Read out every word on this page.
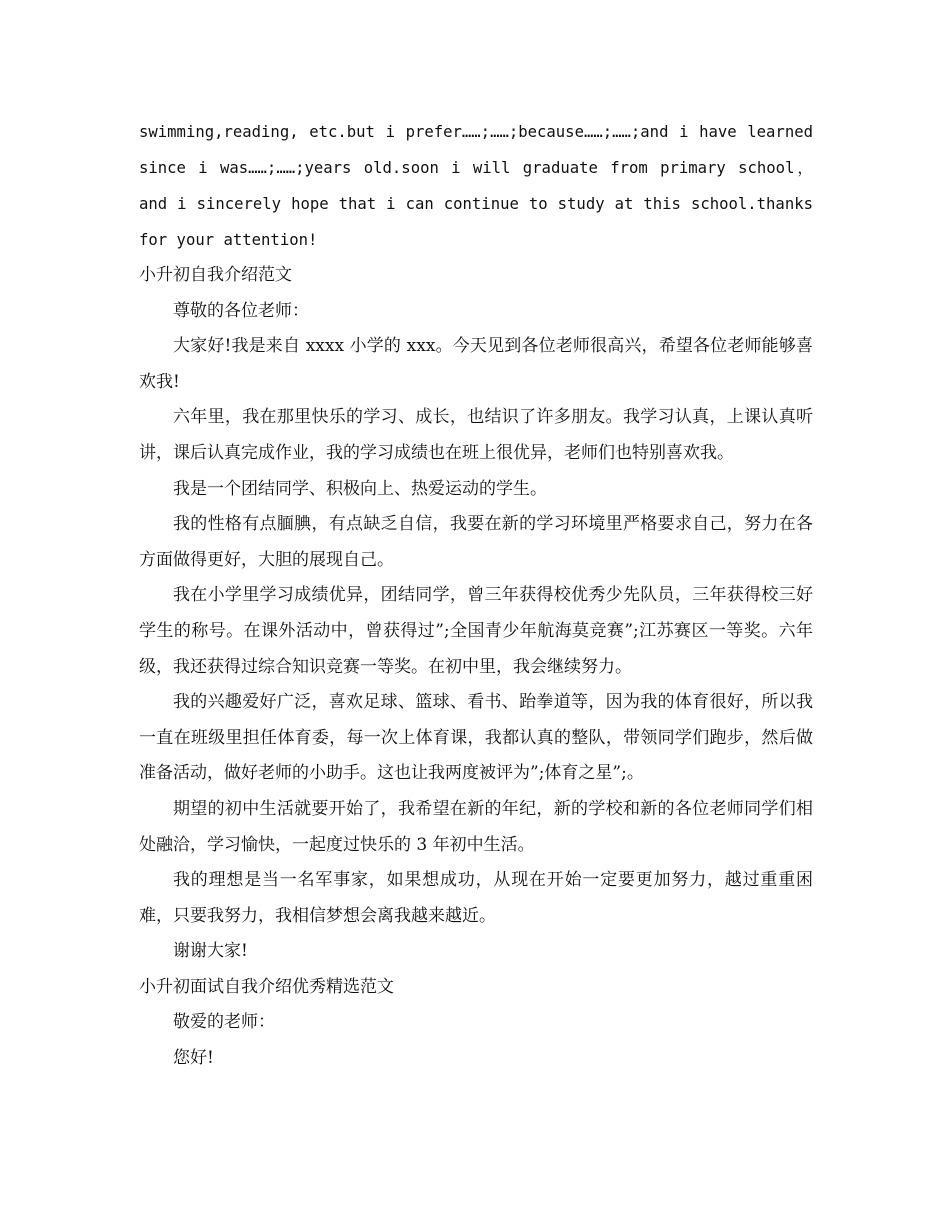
swimming,reading, etc.but i prefer……;……;because……;……;and i have learned since i was……;……;years old.soon i will graduate from primary school， and i sincerely hope that i can continue to study at this school.thanks for your attention!

小升初自我介绍范文

尊敬的各位老师：

大家好!我是来自 xxxx 小学的 xxx。今天见到各位老师很高兴，希望各位老师能够喜欢我!

六年里，我在那里快乐的学习、成长，也结识了许多朋友。我学习认真，上课认真听讲，课后认真完成作业，我的学习成绩也在班上很优异，老师们也特别喜欢我。

我是一个团结同学、积极向上、热爱运动的学生。

我的性格有点腼腆，有点缺乏自信，我要在新的学习环境里严格要求自己，努力在各方面做得更好，大胆的展现自己。

我在小学里学习成绩优异，团结同学，曾三年获得校优秀少先队员，三年获得校三好学生的称号。在课外活动中，曾获得过”;全国青少年航海莫竞赛”;江苏赛区一等奖。六年级，我还获得过综合知识竞赛一等奖。在初中里，我会继续努力。

我的兴趣爱好广泛，喜欢足球、篮球、看书、跆拳道等，因为我的体育很好，所以我一直在班级里担任体育委，每一次上体育课，我都认真的整队，带领同学们跑步，然后做准备活动，做好老师的小助手。这也让我两度被评为”;体育之星”;。

期望的初中生活就要开始了，我希望在新的年纪，新的学校和新的各位老师同学们相处融洽，学习愉快，一起度过快乐的 3 年初中生活。

我的理想是当一名军事家，如果想成功，从现在开始一定要更加努力，越过重重困难，只要我努力，我相信梦想会离我越来越近。

谢谢大家!

小升初面试自我介绍优秀精选范文

敬爱的老师：

您好!
